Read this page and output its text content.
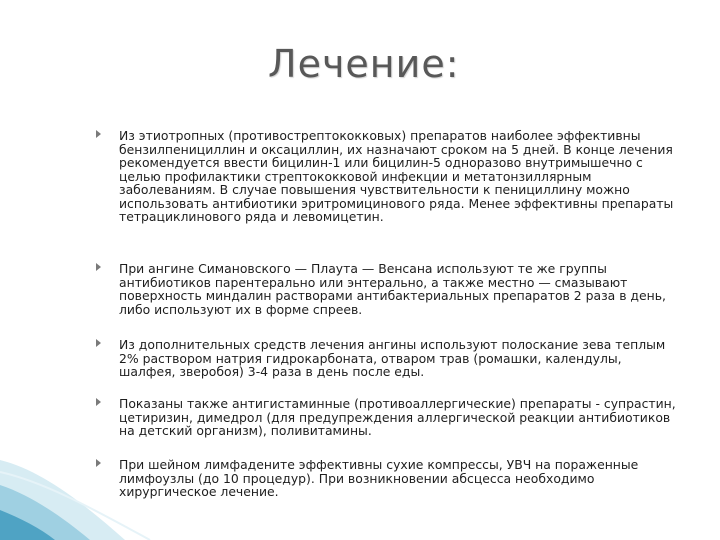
Лечение:

Из этиотропных (противострептококковых) препаратов наиболее эффективны бензилпенициллин и оксациллин, их назначают сроком на 5 дней. В конце лечения рекомендуется ввести бицилин-1 или бицилин-5 одноразово внутримышечно с целью профилактики стрептококковой инфекции и метатонзиллярным заболеваниям. В случае повышения чувствительности к пенициллину можно использовать антибиотики эритромицинового ряда. Менее эффективны препараты тетрациклинового ряда и левомицетин.

При ангине Симановского — Плаута — Венсана используют те же группы антибиотиков парентерально или энтерально, а также местно — смазывают поверхность миндалин растворами антибактериальных препаратов 2 раза в день, либо используют их в форме спреев.

Из дополнительных средств лечения ангины используют полоскание зева теплым 2% раствором натрия гидрокарбоната, отваром трав (ромашки, календулы, шалфея, зверобоя) 3-4 раза в день после еды.

Показаны также антигистаминные (противоаллергические) препараты - супрастин, цетиризин, димедрол (для предупреждения аллергической реакции антибиотиков на детский организм), поливитамины.

При шейном лимфадените эффективны сухие компрессы, УВЧ на пораженные лимфоузлы (до 10 процедур). При возникновении абсцесса необходимо хирургическое лечение.
